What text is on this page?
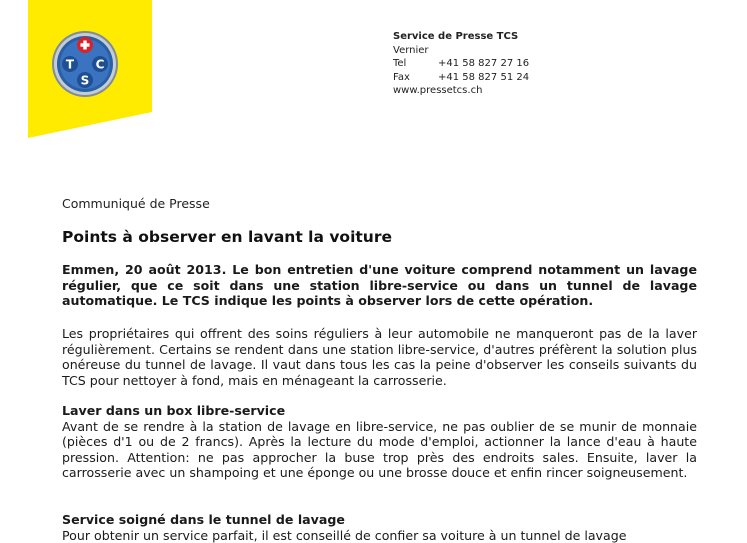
T C
S
Service de Presse TCS
Vernier
Tel	+41 58 827 27 16
Fax	+41 58 827 51 24
www.pressetcs.ch
Communiqué de Presse
Points à observer en lavant la voiture
Emmen, 20 août 2013. Le bon entretien d'une voiture comprend notamment un lavage régulier, que ce soit dans une station libre-service ou dans un tunnel de lavage automatique. Le TCS indique les points à observer lors de cette opération.
Les propriétaires qui offrent des soins réguliers à leur automobile ne manqueront pas de la laver régulièrement. Certains se rendent dans une station libre-service, d'autres préfèrent la solution plus onéreuse du tunnel de lavage. Il vaut dans tous les cas la peine d'observer les conseils suivants du TCS pour nettoyer à fond, mais en ménageant la carrosserie.
Laver dans un box libre-service
Avant de se rendre à la station de lavage en libre-service, ne pas oublier de se munir de monnaie (pièces d'1 ou de 2 francs). Après la lecture du mode d'emploi, actionner la lance d'eau à haute pression. Attention: ne pas approcher la buse trop près des endroits sales. Ensuite, laver la carrosserie avec un shampoing et une éponge ou une brosse douce et enfin rincer soigneusement.
Service soigné dans le tunnel de lavage
Pour obtenir un service parfait, il est conseillé de confier sa voiture à un tunnel de lavage
